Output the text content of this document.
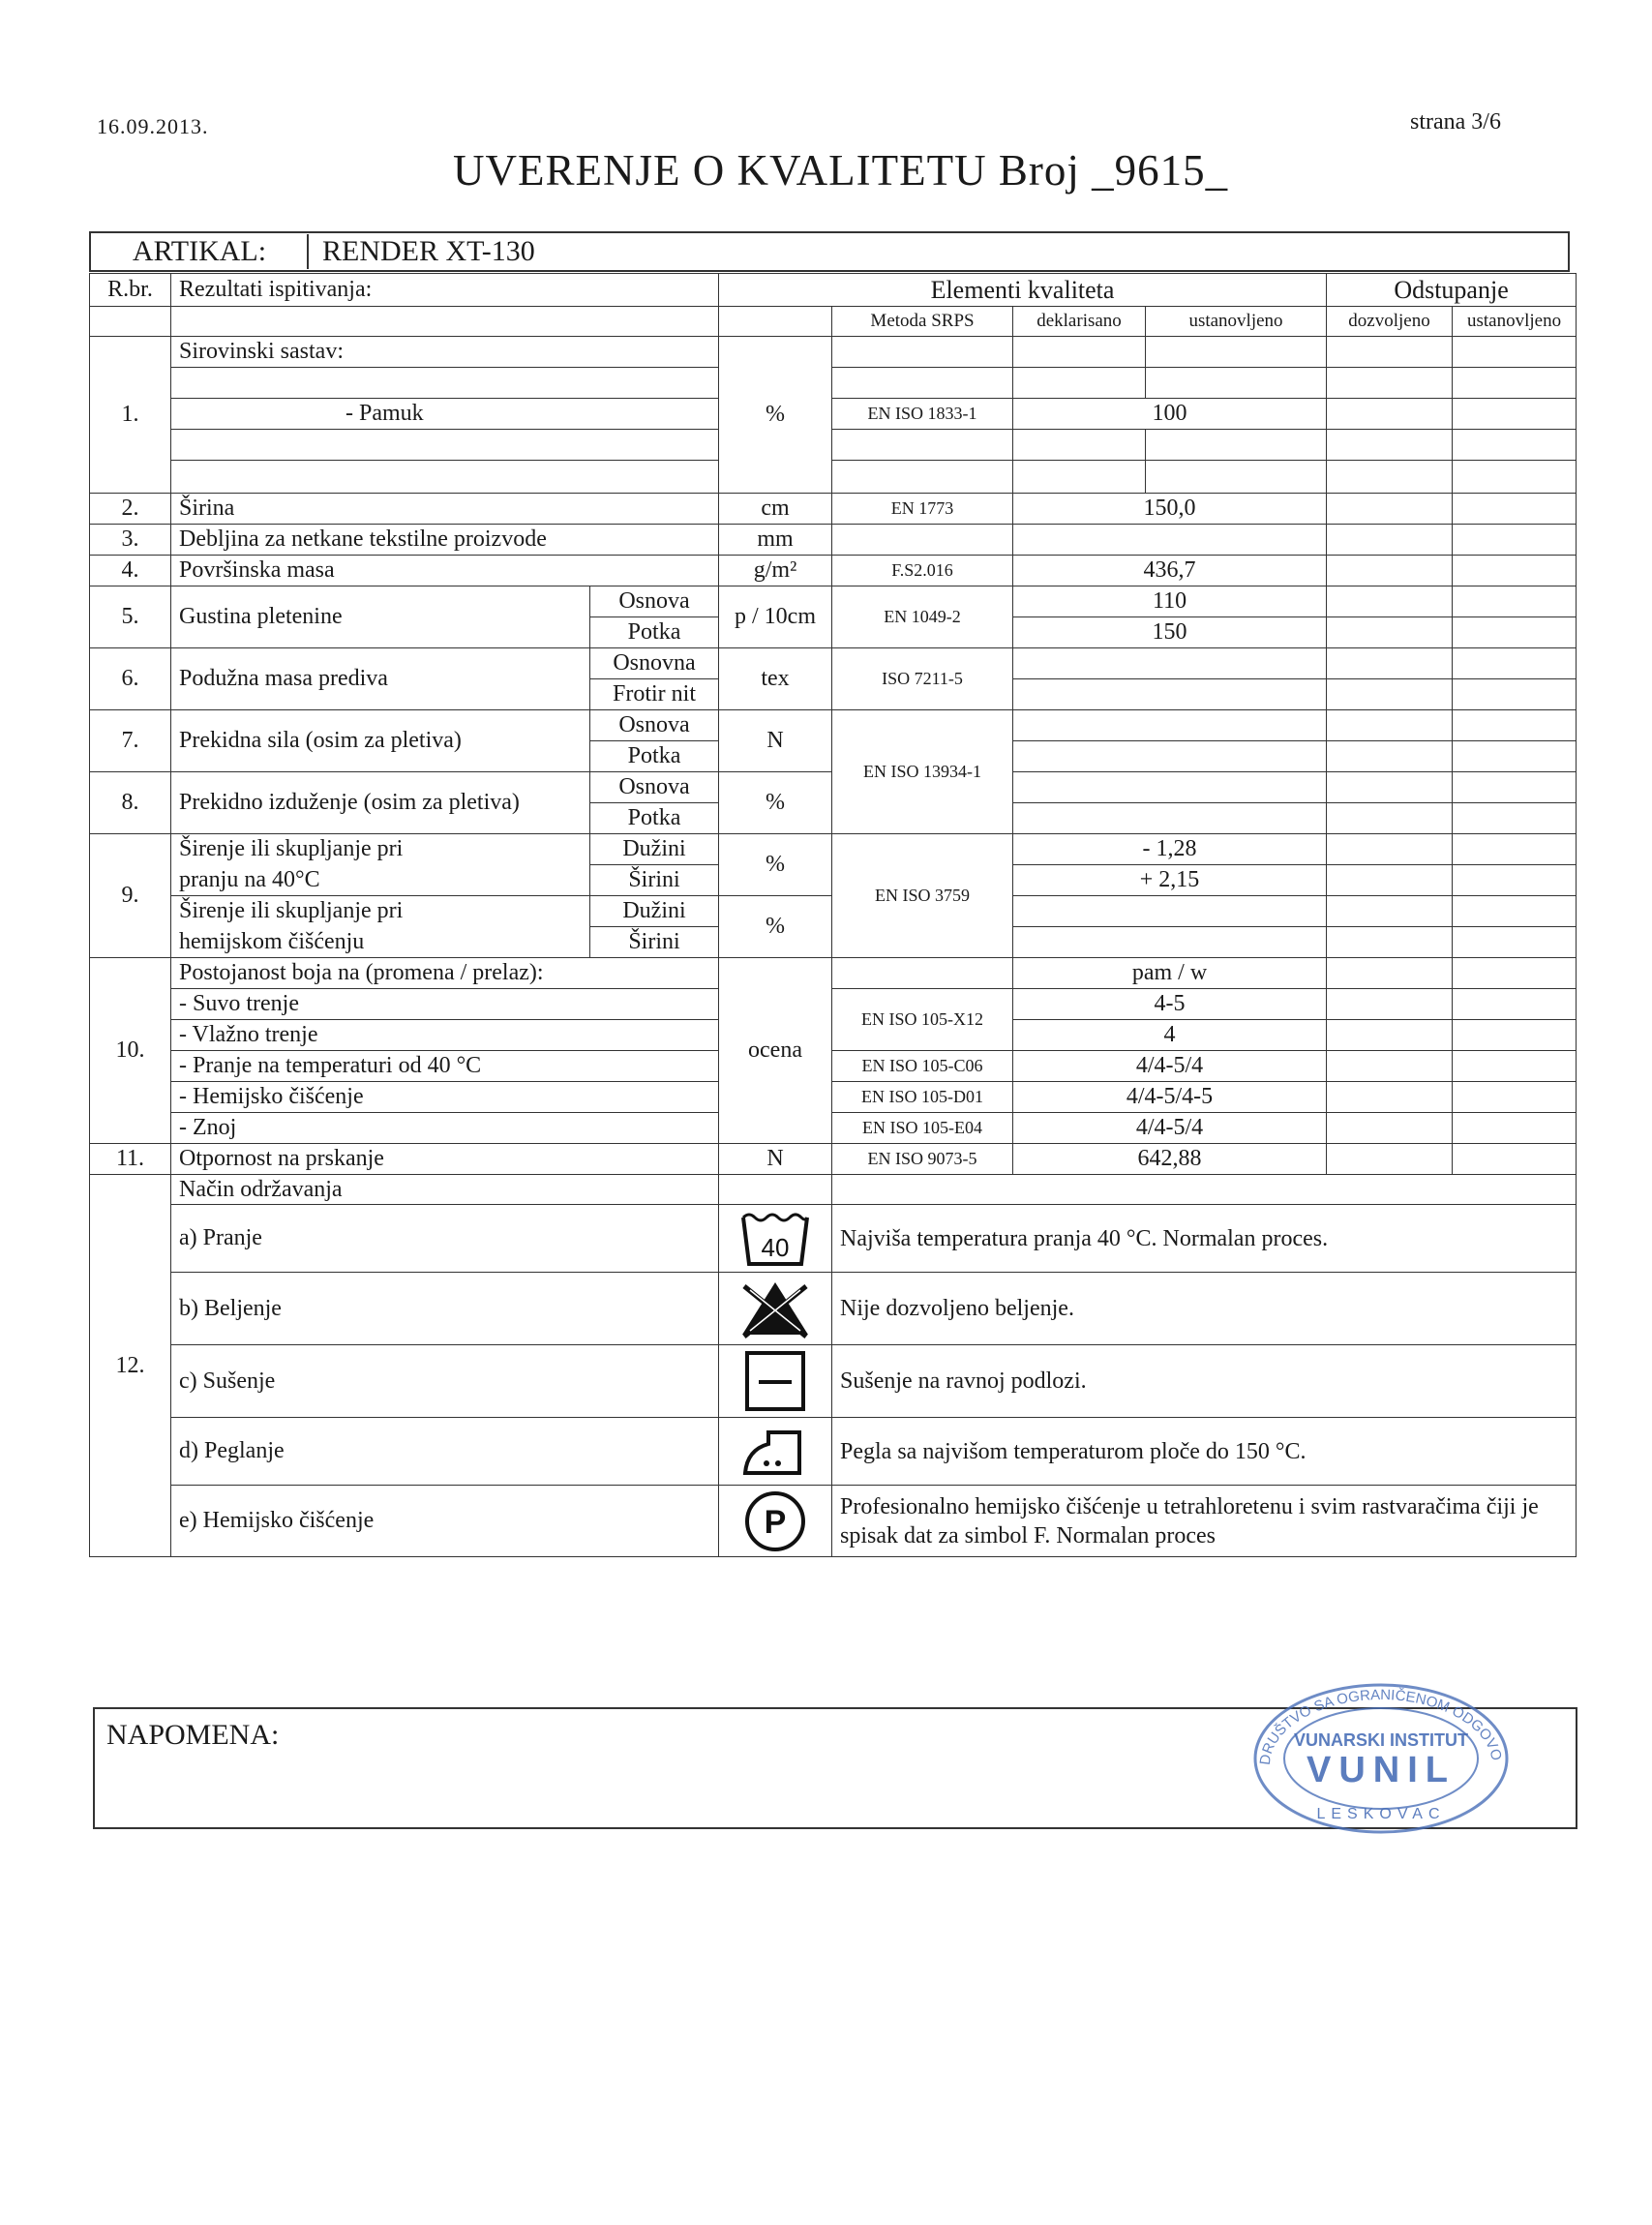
16.09.2013.	strana 3/6
UVERENJE O KVALITETU Broj _9615_
ARTIKAL:	RENDER XT-130
R.br.	Rezultati ispitivanja:		Elementi kvaliteta				Odstupanje	
				Metoda SRPS	deklarisano	ustanovljeno	dozvoljeno	ustanovljeno
1.	Sirovinski sastav:		%					

	- Pamuk			EN ISO 1833-1	100			

2.	Širina		cm	EN 1773	150,0			
3.	Debljina za netkane tekstilne proizvode		mm					
4.	Površinska masa		g/m²	F.S2.016	436,7			
5.	Gustina pletenine	Osnova	p / 10cm	EN 1049-2	110			
		Potka			150			
6.	Podužna masa prediva	Osnovna	tex	ISO 7211-5				
		Frotir nit						
7.	Prekidna sila (osim za pletiva)	Osnova	N	EN ISO 13934-1				
		Potka						
8.	Prekidno izduženje (osim za pletiva)	Osnova	%					
		Potka						
9.	Širenje ili skupljanje pri	Dužini	%	EN ISO 3759	- 1,28			
	pranju na 40°C	Širini			+ 2,15			
	Širenje ili skupljanje pri	Dužini	%					
	hemijskom čišćenju	Širini						
10.	Postojanost boja na (promena / prelaz):		ocena		pam / w			
	- Suvo trenje			EN ISO 105-X12	4-5			
	- Vlažno trenje				4			
	- Pranje na temperaturi od 40 °C			EN ISO 105-C06	4/4-5/4			
	- Hemijsko čišćenje			EN ISO 105-D01	4/4-5/4-5			
	- Znoj			EN ISO 105-E04	4/4-5/4			
11.	Otpornost na prskanje		N	EN ISO 9073-5	642,88			
12.	Način održavanja							
	a) Pranje		40	Najviša temperatura pranja 40 °C. Normalan proces.				
	b) Beljenje			Nije dozvoljeno beljenje.				
	c) Sušenje			Sušenje na ravnoj podlozi.				
	d) Peglanje			Pegla sa najvišom temperaturom ploče do 150 °C.				
	e) Hemijsko čišćenje		P	Profesionalno hemijsko čišćenje u tetrahloretenu i svim rastvaračima čiji je spisak dat za simbol F. Normalan proces				
NAPOMENA:
DRUŠTVO SA OGRANIČENOM ODGOVO
VUNARSKI INSTITUT
VUNIL
LESKOVAC
